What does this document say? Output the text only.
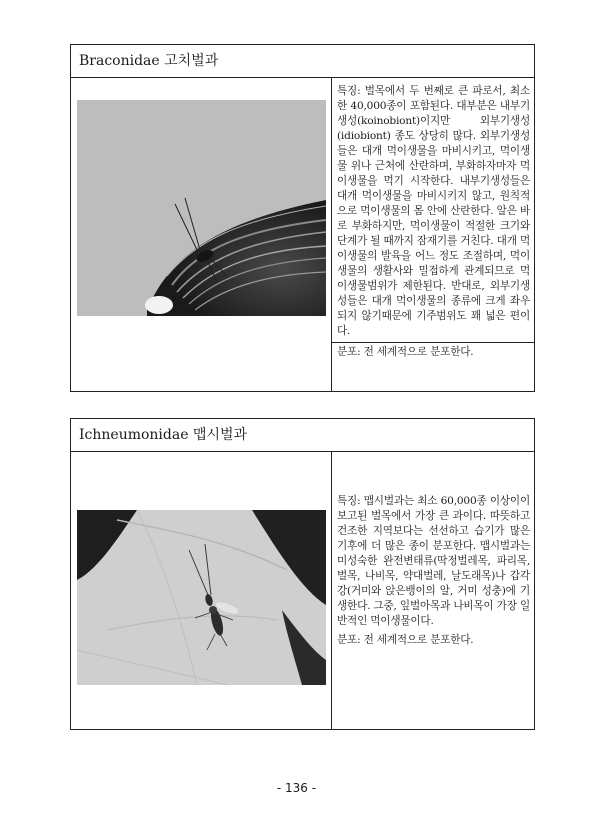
Braconidae 고치벌과

특징: 벌목에서 두 번째로 큰 파로서, 최소한 40,000종이 포함된다. 대부분은 내부기생성(koinobiont)이지만 외부기생성(idiobiont) 종도 상당히 많다. 외부기생성들은 대개 먹이생물을 마비시키고, 먹이생물 위나 근처에 산란하며, 부화하자마자 먹이생물을 먹기 시작한다. 내부기생성들은 대개 먹이생물을 마비시키지 않고, 원칙적으로 먹이생물의 몸 안에 산란한다. 알은 바로 부화하지만, 먹이생물이 적절한 크기와 단계가 될 때까지 잠재기를 거친다. 대개 먹이생물의 발육을 어느 정도 조절하며, 먹이생물의 생활사와 밀접하게 관계되므로 먹이생물범위가 제한된다. 반대로, 외부기생성들은 대개 먹이생물의 종류에 크게 좌우되지 않기때문에 기주범위도 꽤 넓은 편이다.

분포: 전 세계적으로 분포한다.
Ichneumonidae 맵시벌과

특징: 맵시벌과는 최소 60,000종 이상이이 보고된 벌목에서 가장 큰 과이다. 따뜻하고 건조한 지역보다는 선선하고 습기가 많은 기후에 더 많은 종이 분포한다. 맵시벌과는 미성숙한 완전변태류(딱정벌레목, 파리목, 벌목, 나비목, 약대벌레, 날도래목)나 갑각강(거미와 앉은뱅이의 알, 거미 성충)에 기생한다. 그중, 잎벌아목과 나비목이 가장 일반적인 먹이생물이다.

분포: 전 세계적으로 분포한다.
- 136 -
